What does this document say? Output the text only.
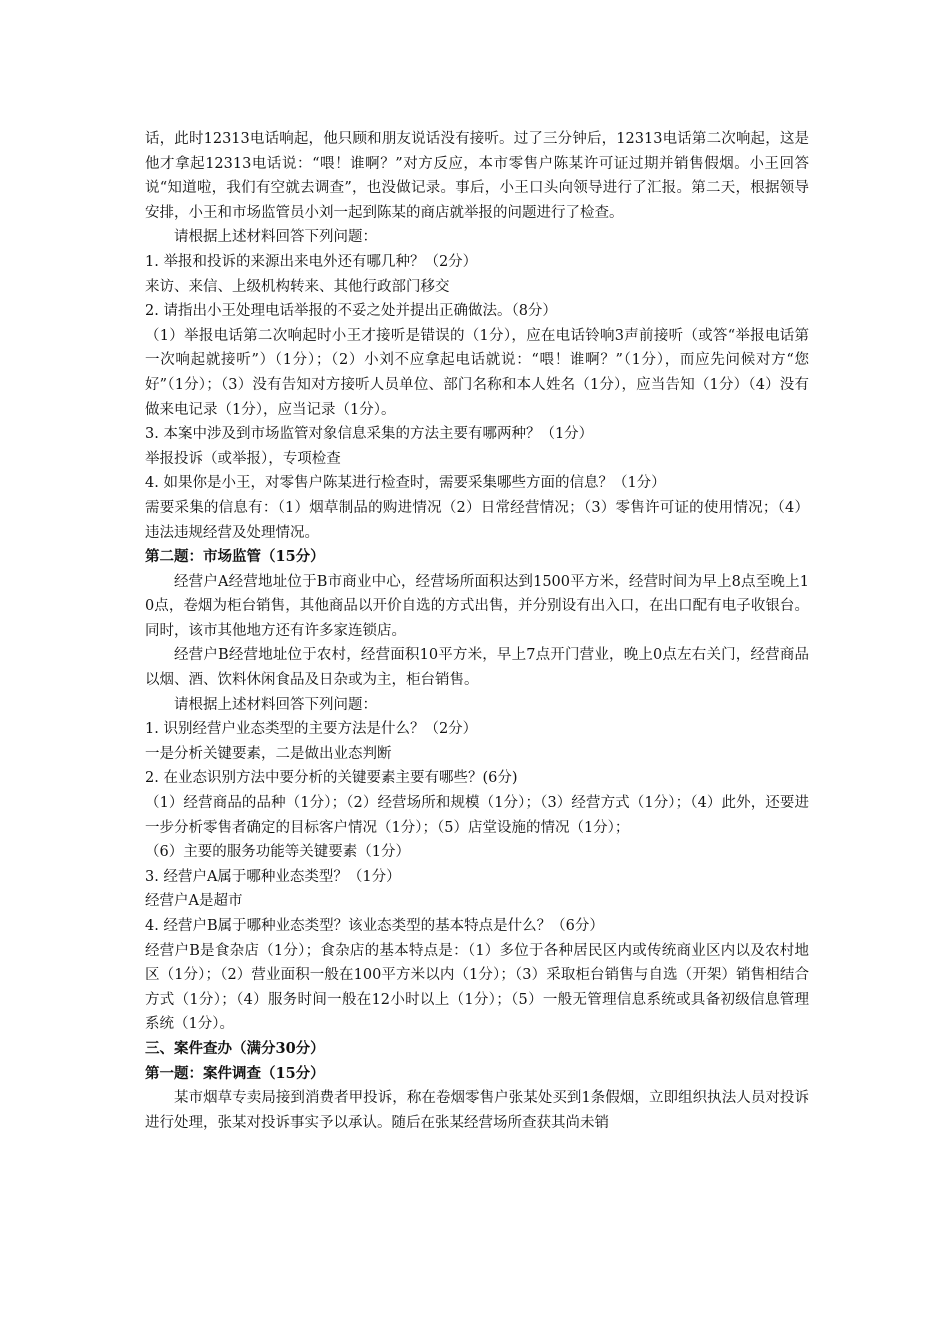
话，此时12313电话响起，他只顾和朋友说话没有接听。过了三分钟后，12313电话第二次响起，这是他才拿起12313电话说：“喂！谁啊？”对方反应，本市零售户陈某许可证过期并销售假烟。小王回答说“知道啦，我们有空就去调查”，也没做记录。事后，小王口头向领导进行了汇报。第二天，根据领导安排，小王和市场监管员小刘一起到陈某的商店就举报的问题进行了检查。

请根据上述材料回答下列问题：

1. 举报和投诉的来源出来电外还有哪几种？（2分）

来访、来信、上级机构转来、其他行政部门移交

2. 请指出小王处理电话举报的不妥之处并提出正确做法。（8分）

（1）举报电话第二次响起时小王才接听是错误的（1分），应在电话铃响3声前接听（或答“举报电话第一次响起就接听”）（1分）；（2）小刘不应拿起电话就说：“喂！谁啊？”（1分），而应先问候对方“您好”（1分）；（3）没有告知对方接听人员单位、部门名称和本人姓名（1分），应当告知（1分）（4）没有做来电记录（1分），应当记录（1分）。

3. 本案中涉及到市场监管对象信息采集的方法主要有哪两种？（1分）

举报投诉（或举报），专项检查

4. 如果你是小王，对零售户陈某进行检查时，需要采集哪些方面的信息？（1分）

需要采集的信息有：（1）烟草制品的购进情况（2）日常经营情况；（3）零售许可证的使用情况；（4）违法违规经营及处理情况。

第二题：市场监管（15分）

经营户A经营地址位于B市商业中心，经营场所面积达到1500平方米，经营时间为早上8点至晚上10点，卷烟为柜台销售，其他商品以开价自选的方式出售，并分别设有出入口，在出口配有电子收银台。同时，该市其他地方还有许多家连锁店。

经营户B经营地址位于农村，经营面积10平方米，早上7点开门营业，晚上0点左右关门，经营商品以烟、酒、饮料休闲食品及日杂或为主，柜台销售。

请根据上述材料回答下列问题：

1. 识别经营户业态类型的主要方法是什么？（2分）

一是分析关键要素，二是做出业态判断

2. 在业态识别方法中要分析的关键要素主要有哪些？(6分)

（1）经营商品的品种（1分）；（2）经营场所和规模（1分）；（3）经营方式（1分）；（4）此外，还要进一步分析零售者确定的目标客户情况（1分）；（5）店堂设施的情况（1分）；

（6）主要的服务功能等关键要素（1分）

3. 经营户A属于哪种业态类型？（1分）

经营户A是超市

4. 经营户B属于哪种业态类型？该业态类型的基本特点是什么？（6分）

经营户B是食杂店（1分）；食杂店的基本特点是：（1）多位于各种居民区内或传统商业区内以及农村地区（1分）；（2）营业面积一般在100平方米以内（1分）；（3）采取柜台销售与自选（开架）销售相结合方式（1分）；（4）服务时间一般在12小时以上（1分）；（5）一般无管理信息系统或具备初级信息管理系统（1分）。

三、案件查办（满分30分）

第一题：案件调查（15分）

某市烟草专卖局接到消费者甲投诉，称在卷烟零售户张某处买到1条假烟，立即组织执法人员对投诉进行处理，张某对投诉事实予以承认。随后在张某经营场所查获其尚未销
